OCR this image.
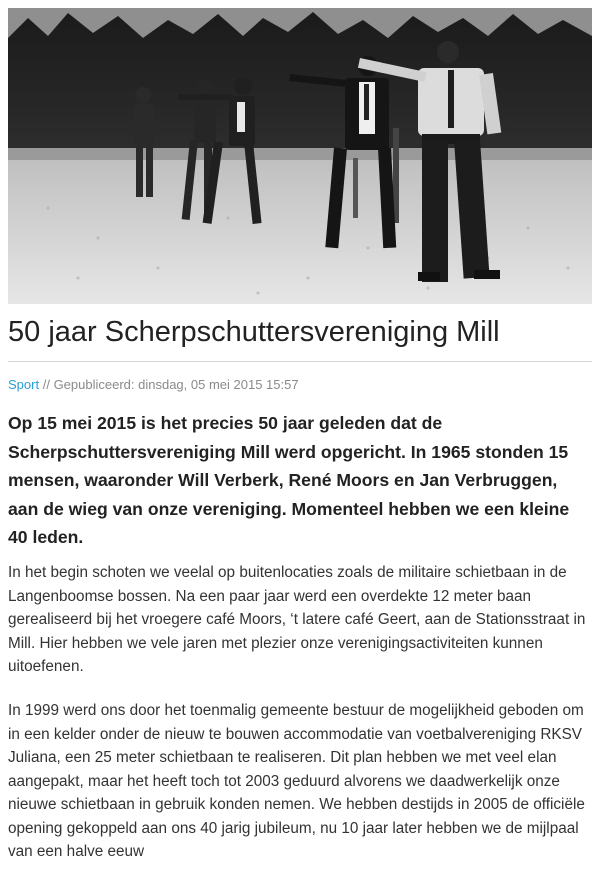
50 jaar Scherpschuttersvereniging Mill
Sport // Gepubliceerd: dinsdag, 05 mei 2015 15:57

Op 15 mei 2015 is het precies 50 jaar geleden dat de Scherpschuttersvereniging Mill werd opgericht. In 1965 stonden 15 mensen, waaronder Will Verberk, René Moors en Jan Verbruggen, aan de wieg van onze vereniging. Momenteel hebben we een kleine 40 leden.

In het begin schoten we veelal op buitenlocaties zoals de militaire schietbaan in de Langenboomse bossen. Na een paar jaar werd een overdekte 12 meter baan gerealiseerd bij het vroegere café Moors, ‘t latere café Geert, aan de Stationsstraat in Mill. Hier hebben we vele jaren met plezier onze verenigingsactiviteiten kunnen uitoefenen.

In 1999 werd ons door het toenmalig gemeente bestuur de mogelijkheid geboden om in een kelder onder de nieuw te bouwen accommodatie van voetbalvereniging RKSV Juliana, een 25 meter schietbaan te realiseren. Dit plan hebben we met veel elan aangepakt, maar het heeft toch tot 2003 geduurd alvorens we daadwerkelijk onze nieuwe schietbaan in gebruik konden nemen. We hebben destijds in 2005 de officiële opening gekoppeld aan ons 40 jarig jubileum, nu 10 jaar later hebben we de mijlpaal van een halve eeuw
